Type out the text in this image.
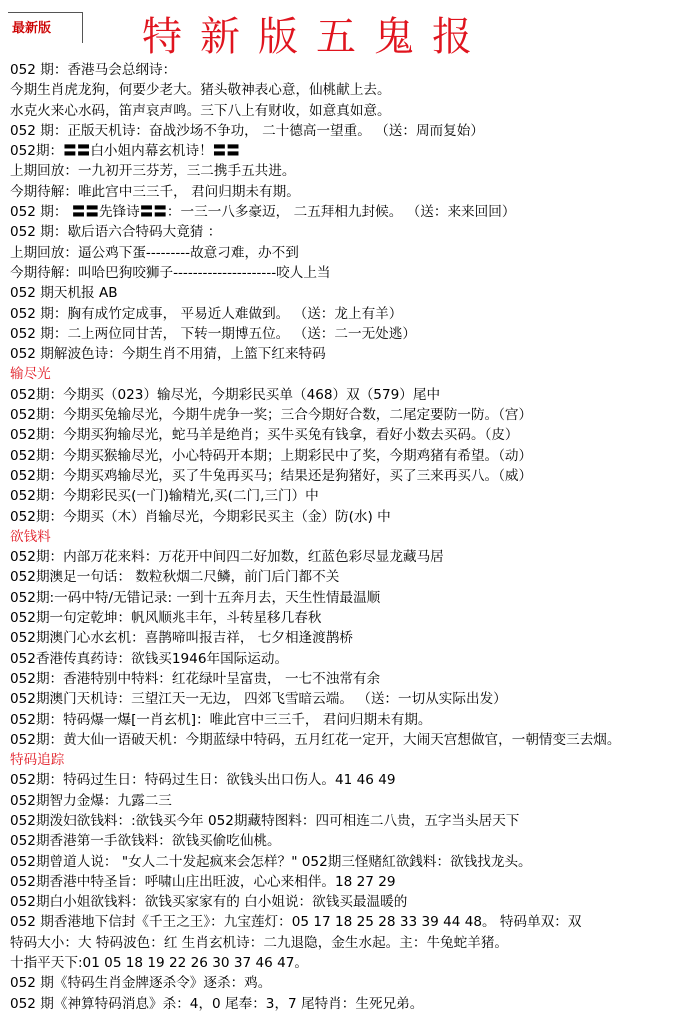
最新版 特新版五鬼报
052 期：香港马会总纲诗：
今期生肖虎龙狗，何要少老大。猪头敬神表心意，仙桃献上去。
水克火来心水码，笛声哀声鸣。三下八上有财收，如意真如意。
052 期：正版天机诗：奋战沙场不争功， 二十德高一望重。 （送：周而复始）
052期：〓〓白小姐内幕玄机诗！〓〓
上期回放：一九初开三芬芳，三二携手五共进。
今期待解：唯此宫中三三千， 君问归期未有期。
052 期： 〓〓先锋诗〓〓：一三一八多豪迈， 二五拜相九封候。 （送：来来回回）
052 期：歇后语六合特码大竟猜 ：
上期回放：逼公鸡下蛋---------故意刁难，办不到
今期待解：叫哈巴狗咬狮子---------------------咬人上当
052 期天机报 AB
052 期：胸有成竹定成事， 平易近人难做到。 （送：龙上有羊）
052 期：二上两位同甘苦， 下转一期博五位。 （送：二一无处逃）
052 期解波色诗：今期生肖不用猜，上篮下红来特码
输尽光
052期：今期买（023）输尽光，今期彩民买单（468）双（579）尾中
052期：今期买兔输尽光，今期牛虎争一奖；三合今期好合数，二尾定要防一防。（宫）
052期：今期买狗输尽光，蛇马羊是绝肖；买牛买兔有钱拿，看好小数去买码。（皮）
052期：今期买猴输尽光，小心特码开本期；上期彩民中了奖，今期鸡猪有希望。（动）
052期：今期买鸡输尽光，买了牛兔再买马；结果还是狗猪好，买了三来再买八。（威）
052期：今期彩民买(一门)输精光,买(二门,三门）中
052期：今期买（木）肖输尽光，今期彩民买主（金）防(水) 中
欲钱料
052期：内部万花来料：万花开中间四二好加数，红蓝色彩尽显龙藏马居
052期澳足一句话： 数粒秋烟二尺鳞，前门后门都不关
052期:一码中特/无错记录: 一到十五奔月去，天生性情最温顺
052期一句定乾坤：帆风顺兆丰年，斗转星移几春秋
052期澳门心水玄机：喜鹊啼叫报吉祥， 七夕相逢渡鹊桥
052香港传真药诗：欲钱买1946年国际运动。
052期：香港特别中特料：红花绿叶呈富贵， 一七不浊常有余
052期澳门天机诗：三望江天一无边， 四郊飞雪暗云端。 （送：一切从实际出发）
052期：特码爆一爆[一肖玄机]：唯此宫中三三千， 君问归期未有期。
052期：黄大仙一语破天机：今期蓝绿中特码，五月红花一定开，大闹天宫想做官，一朝情变三去烟。
特码追踪
052期：特码过生日：特码过生日：欲钱头出口伤人。41 46 49
052期智力金爆：九露二三
052期泼妇欲钱料：:欲钱买今年 052期藏特图料：四可相连二八贵，五字当头居天下
052期香港第一手欲钱料：欲钱买偷吃仙桃。
052期曾道人说： "女人二十发起疯来会怎样？" 052期三怪赌紅欲銭料：欲钱找龙头。
052期香港中特圣旨：呼啸山庄出旺波，心心来相伴。18 27 29
052期白小姐欲钱料：欲钱买家家有的 白小姐说：欲钱买最温暖的
052 期香港地下信封《千王之王》：九宝莲灯：05 17 18 25 28 33 39 44 48。 特码单双：双
特码大小：大 特码波色：红 生肖玄机诗：二九退隐，金生水起。主：牛兔蛇羊猪。
十指平天下:01 05 18 19 22 26 30 37 46 47。
052 期《特码生肖金牌逐杀令》逐杀：鸡。
052 期《神算特码消息》杀：4，0 尾奉：3，7 尾特肖：生死兄弟。
